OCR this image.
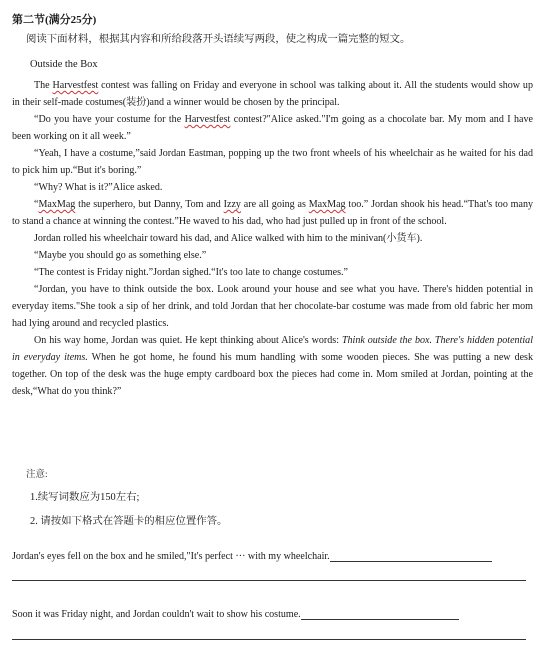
第二节(满分25分)
阅读下面材料，根据其内容和所给段落开头语续写两段，使之构成一篇完整的短文。
Outside the Box

The Harvestfest contest was falling on Friday and everyone in school was talking about it. All the students would show up in their self-made costumes(装扮)and a winner would be chosen by the principal.

“Do you have your costume for the Harvestfest contest?"Alice asked."I'm going as a chocolate bar. My mom and I have been working on it all week.”

“Yeah, I have a costume,”said Jordan Eastman, popping up the two front wheels of his wheelchair as he waited for his dad to pick him up.“But it's boring.”

“Why? What is it?”Alice asked.

“MaxMag the superhero, but Danny, Tom and Izzy are all going as MaxMag too.” Jordan shook his head.“That's too many to stand a chance at winning the contest.”He waved to his dad, who had just pulled up in front of the school.

Jordan rolled his wheelchair toward his dad, and Alice walked with him to the minivan(小货车).

“Maybe you should go as something else.”

“The contest is Friday night.”Jordan sighed.“It's too late to change costumes.”

“Jordan, you have to think outside the box. Look around your house and see what you have. There's hidden potential in everyday items."She took a sip of her drink, and told Jordan that her chocolate-bar costume was made from old fabric her mom had lying around and recycled plastics.

On his way home, Jordan was quiet. He kept thinking about Alice's words: Think outside the box. There's hidden potential in everyday items. When he got home, he found his mum handling with some wooden pieces. She was putting a new desk together. On top of the desk was the huge empty cardboard box the pieces had come in. Mom smiled at Jordan, pointing at the desk,“What do you think?”

注意:
1.续写词数应为150左右;
2. 请按如下格式在答题卡的相应位置作答。
Jordan's eyes fell on the box and he smiled,"It's perfect ··· with my wheelchair.
Soon it was Friday night, and Jordan couldn't wait to show his costume.
